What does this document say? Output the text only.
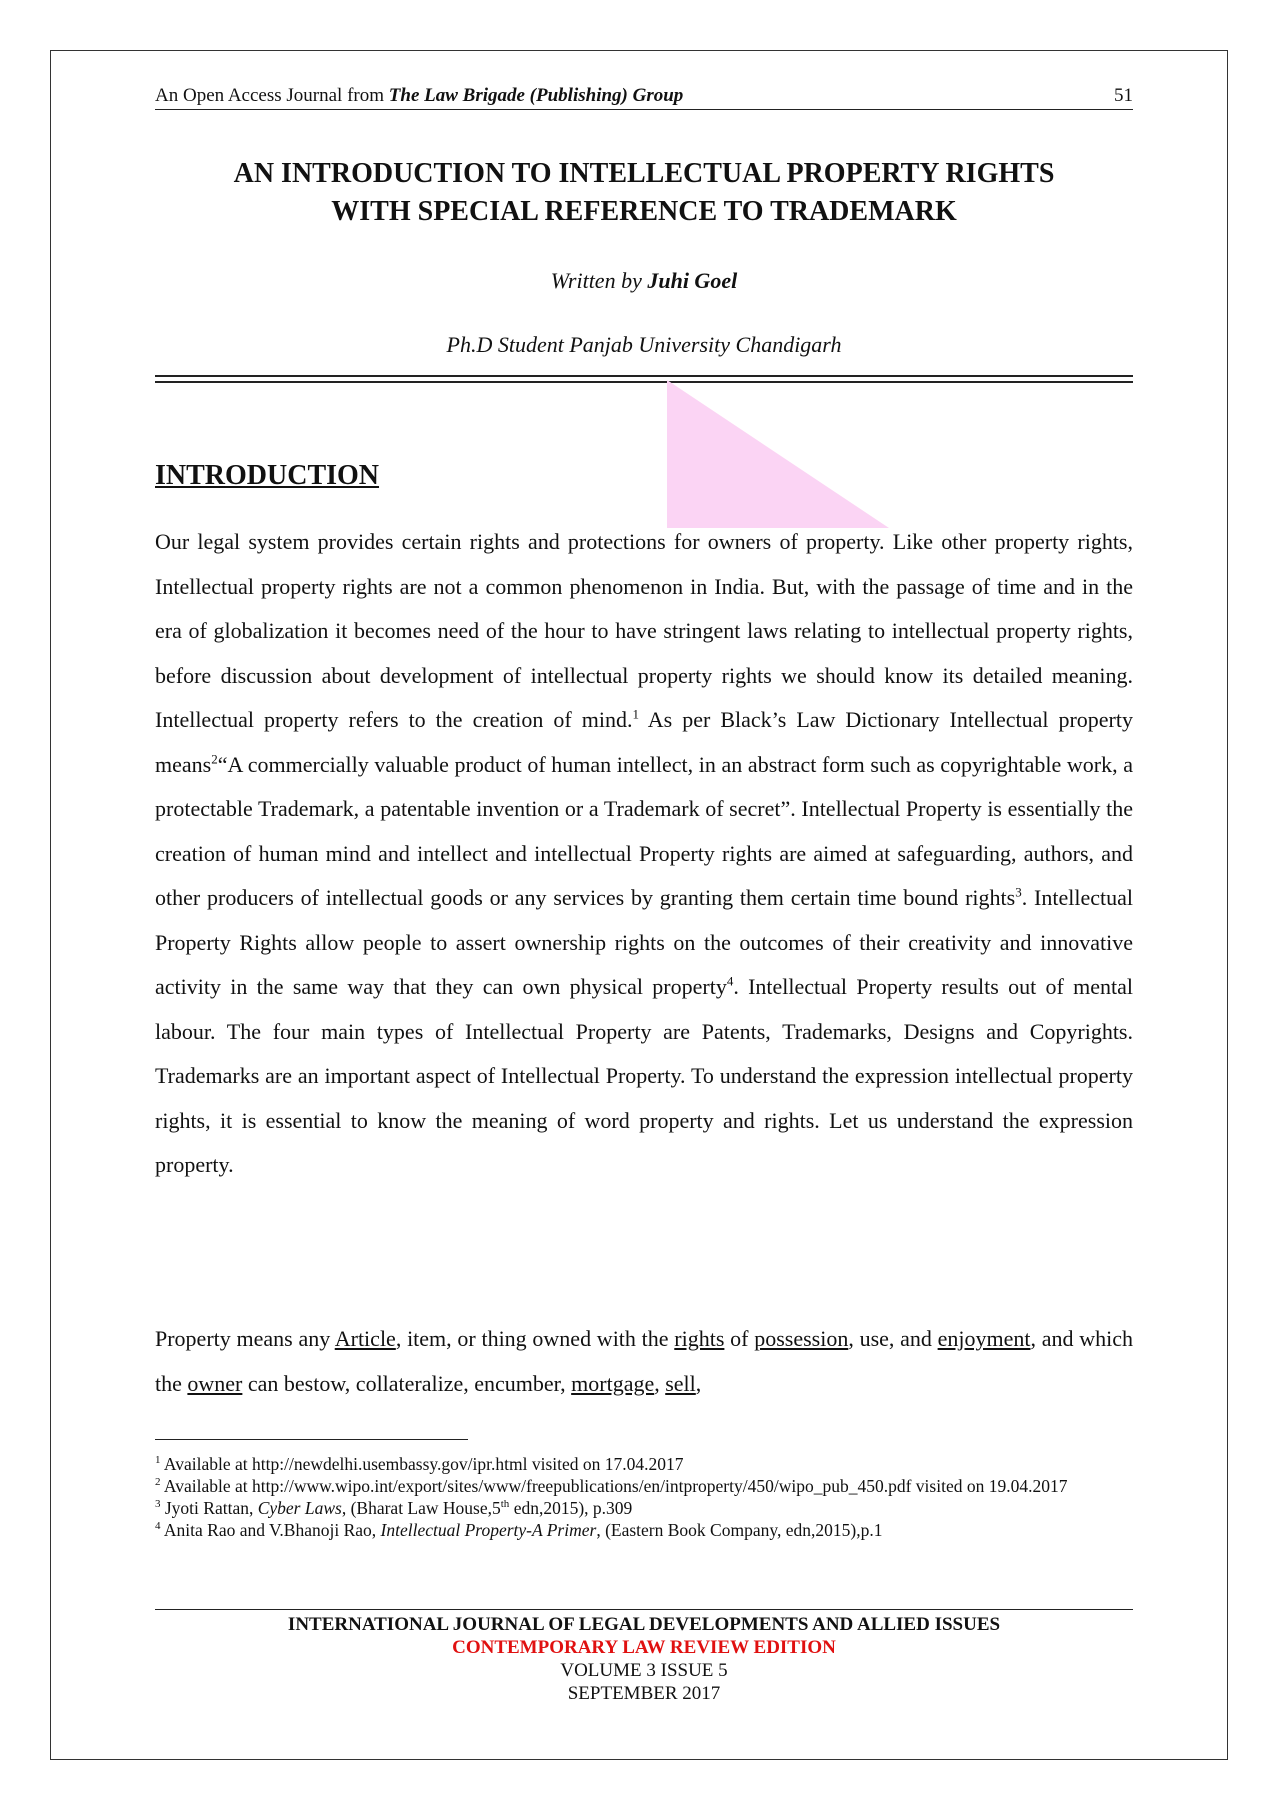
An Open Access Journal from The Law Brigade (Publishing) Group	51
AN INTRODUCTION TO INTELLECTUAL PROPERTY RIGHTS
WITH SPECIAL REFERENCE TO TRADEMARK
Written by Juhi Goel
Ph.D Student Panjab University Chandigarh
INTRODUCTION
Our legal system provides certain rights and protections for owners of property. Like other property rights, Intellectual property rights are not a common phenomenon in India. But, with the passage of time and in the era of globalization it becomes need of the hour to have stringent laws relating to intellectual property rights, before discussion about development of intellectual property rights we should know its detailed meaning. Intellectual property refers to the creation of mind.$^1$ As per Black’s Law Dictionary Intellectual property means$^2$“A commercially valuable product of human intellect, in an abstract form such as copyrightable work, a protectable Trademark, a patentable invention or a Trademark of secret”. Intellectual Property is essentially the creation of human mind and intellect and intellectual Property rights are aimed at safeguarding, authors, and other producers of intellectual goods or any services by granting them certain time bound rights$^3$. Intellectual Property Rights allow people to assert ownership rights on the outcomes of their creativity and innovative activity in the same way that they can own physical property$^4$. Intellectual Property results out of mental labour. The four main types of Intellectual Property are Patents, Trademarks, Designs and Copyrights. Trademarks are an important aspect of Intellectual Property. To understand the expression intellectual property rights, it is essential to know the meaning of word property and rights. Let us understand the expression property.
Property means any Article, item, or thing owned with the rights of possession, use, and enjoyment, and which the owner can bestow, collateralize, encumber, mortgage, sell,
$^1$ Available at http://newdelhi.usembassy.gov/ipr.html visited on 17.04.2017
$^2$ Available at http://www.wipo.int/export/sites/www/freepublications/en/intproperty/450/wipo_pub_450.pdf visited on 19.04.2017
$^3$ Jyoti Rattan, Cyber Laws, (Bharat Law House,5th edn,2015), p.309
$^4$ Anita Rao and V.Bhanoji Rao, Intellectual Property-A Primer, (Eastern Book Company, edn,2015),p.1
INTERNATIONAL JOURNAL OF LEGAL DEVELOPMENTS AND ALLIED ISSUES
CONTEMPORARY LAW REVIEW EDITION
VOLUME 3 ISSUE 5
SEPTEMBER 2017
